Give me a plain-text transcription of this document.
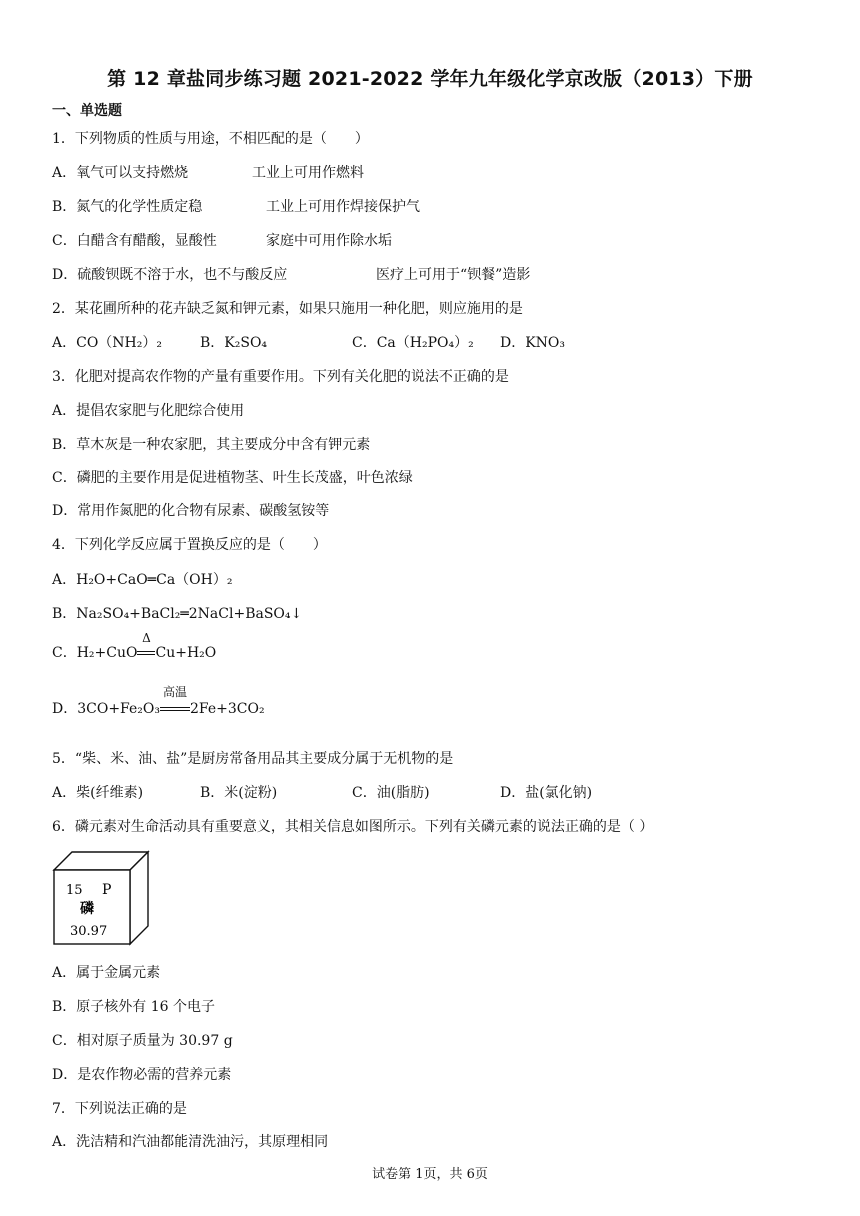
第 12 章盐同步练习题 2021-2022 学年九年级化学京改版（2013）下册
一、单选题
1．下列物质的性质与用途，不相匹配的是（　　）
A．氧气可以支持燃烧	工业上可用作燃料
B．氮气的化学性质定稳	工业上可用作焊接保护气
C．白醋含有醋酸，显酸性	家庭中可用作除水垢
D．硫酸钡既不溶于水，也不与酸反应	医疗上可用于“钡餐”造影
2．某花圃所种的花卉缺乏氮和钾元素，如果只施用一种化肥，则应施用的是
A．CO（NH₂）₂	B．K₂SO₄	C．Ca（H₂PO₄）₂ D．KNO₃
3．化肥对提高农作物的产量有重要作用。下列有关化肥的说法不正确的是
A．提倡农家肥与化肥综合使用
B．草木灰是一种农家肥，其主要成分中含有钾元素
C．磷肥的主要作用是促进植物茎、叶生长茂盛，叶色浓绿
D．常用作氮肥的化合物有尿素、碳酸氢铵等
4．下列化学反应属于置换反应的是（　　）
A．H₂O+CaO═Ca（OH）₂
B．Na₂SO₄+BaCl₂═2NaCl+BaSO₄↓
C．H₂+CuO
Δ
Cu+H₂O
D．3CO+Fe₂O₃
高温
2Fe+3CO₂
5．“柴、米、油、盐”是厨房常备用品其主要成分属于无机物的是
A．柴(纤维素)	B．米(淀粉)	C．油(脂肪)	D．盐(氯化钠)
6．磷元素对生命活动具有重要意义，其相关信息如图所示。下列有关磷元素的说法正确的是（ ）
15 P
磷
30.97
A．属于金属元素
B．原子核外有 16 个电子
C．相对原子质量为 30.97 g
D．是农作物必需的营养元素
7．下列说法正确的是
A．洗洁精和汽油都能清洗油污，其原理相同
试卷第 1页，共 6页
